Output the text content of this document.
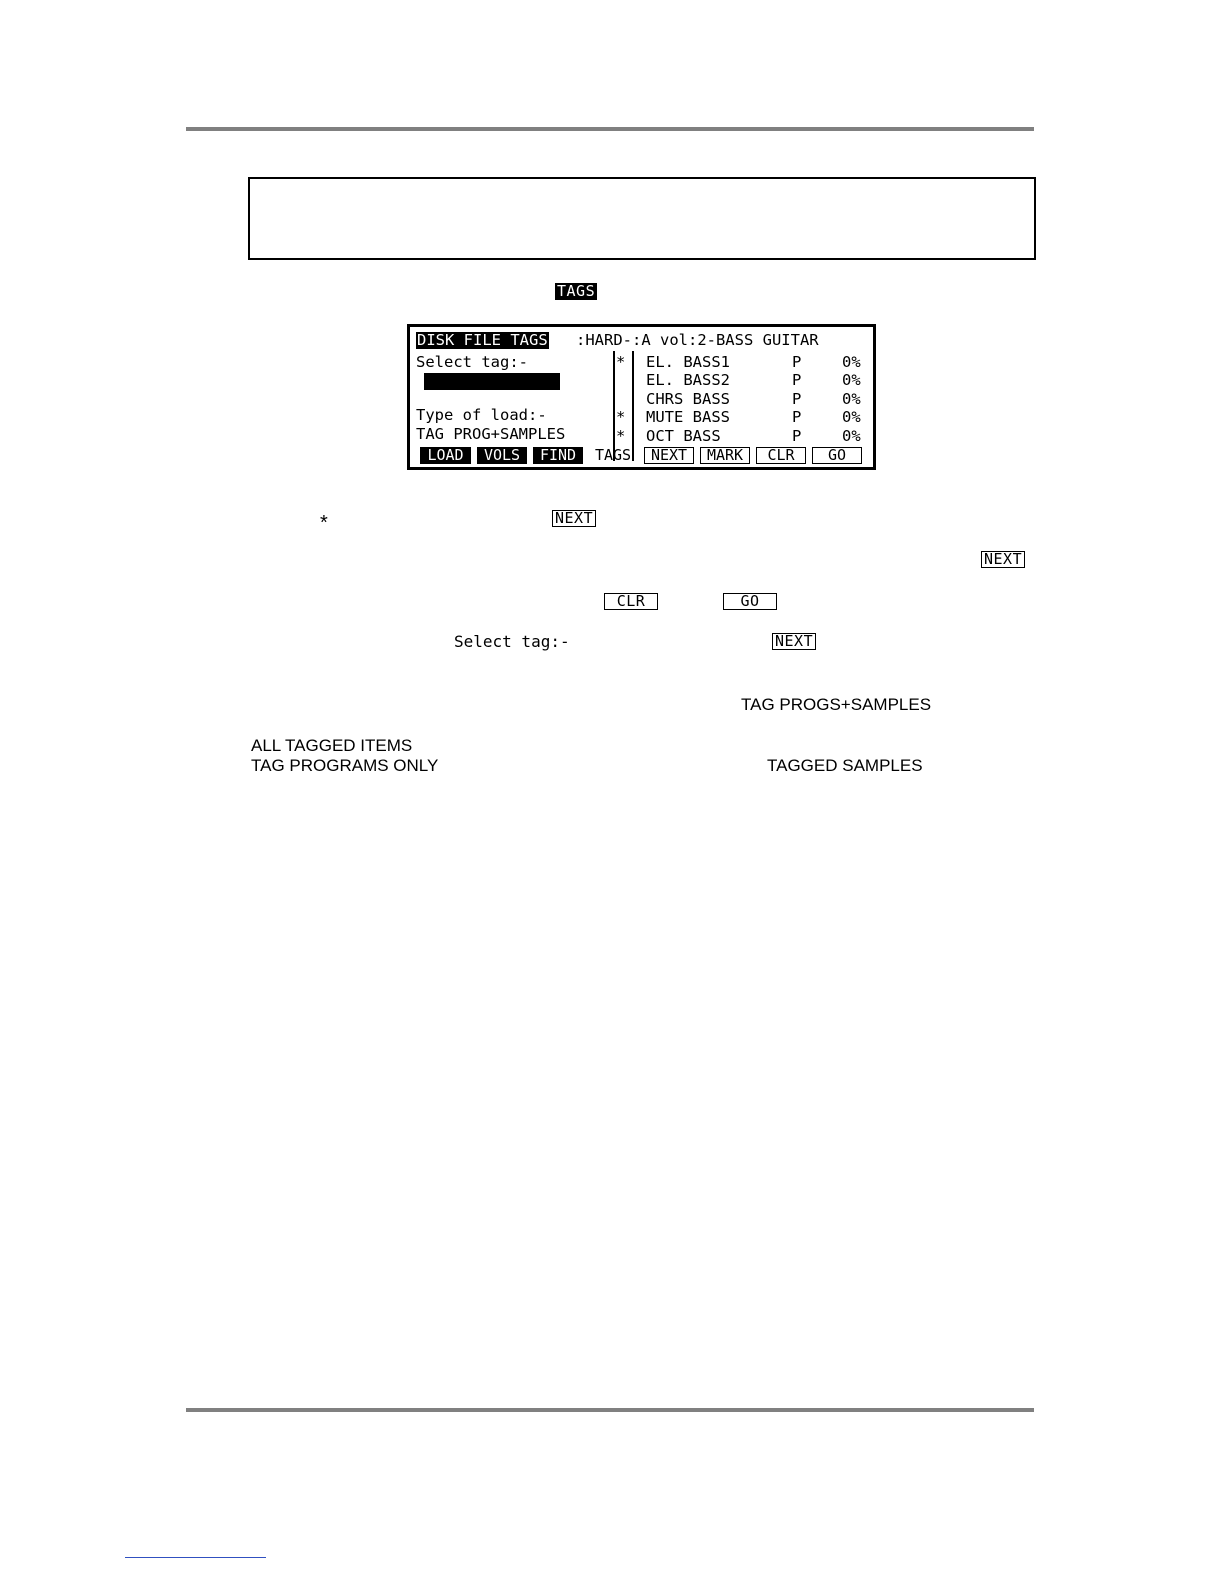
TAGS
DISK FILE TAGS :HARD-:A vol:2-BASS GUITAR
Select tag:-

BASS

Type of load:-
TAG PROG+SAMPLES
* EL. BASS1	P	0%
EL. BASS2	P	0%
CHRS BASS	P	0%
* MUTE BASS	P	0%
* OCT BASS	P	0%
LOAD	VOLS	FIND	TAGS	NEXT	MARK	CLR	GO
*	NEXT
NEXT
CLR	GO
Select tag:-	NEXT
TAG PROGS+SAMPLES
ALL TAGGED ITEMS
TAG PROGRAMS ONLY	TAGGED SAMPLES
